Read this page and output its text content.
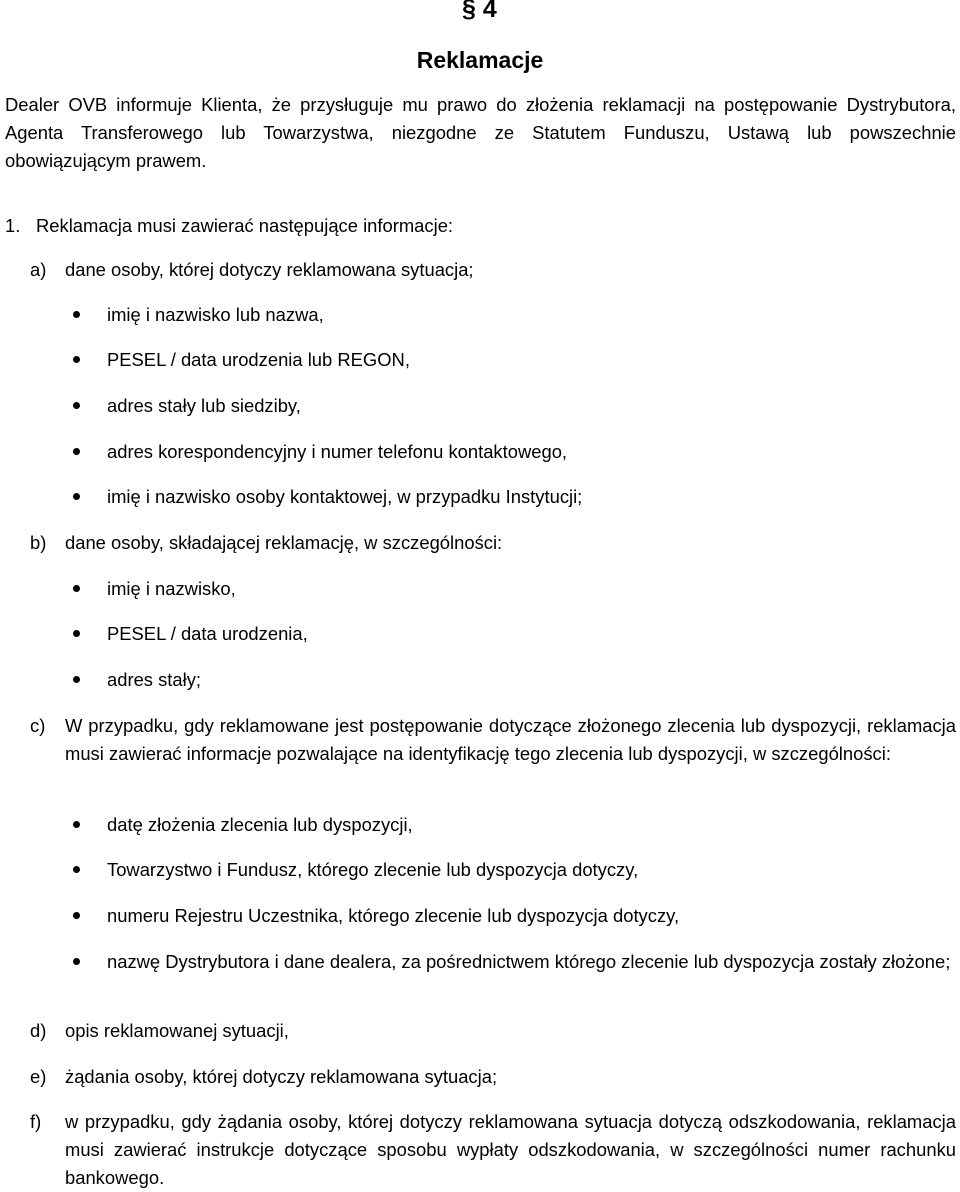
§ 4
Reklamacje
Dealer OVB informuje Klienta, że przysługuje mu prawo do złożenia reklamacji na postępowanie Dystrybutora, Agenta Transferowego lub Towarzystwa, niezgodne ze Statutem Funduszu, Ustawą lub powszechnie obowiązującym prawem.
1. Reklamacja musi zawierać następujące informacje:
a) dane osoby, której dotyczy reklamowana sytuacja;
imię i nazwisko lub nazwa,
PESEL / data urodzenia lub REGON,
adres stały lub siedziby,
adres korespondencyjny i numer telefonu kontaktowego,
imię i nazwisko osoby kontaktowej, w przypadku Instytucji;
b) dane osoby, składającej reklamację, w szczególności:
imię i nazwisko,
PESEL / data urodzenia,
adres stały;
c) W przypadku, gdy reklamowane jest postępowanie dotyczące złożonego zlecenia lub dyspozycji, reklamacja musi zawierać informacje pozwalające na identyfikację tego zlecenia lub dyspozycji, w szczególności:
datę złożenia zlecenia lub dyspozycji,
Towarzystwo i Fundusz, którego zlecenie lub dyspozycja dotyczy,
numeru Rejestru Uczestnika, którego zlecenie lub dyspozycja dotyczy,
nazwę Dystrybutora i dane dealera, za pośrednictwem którego zlecenie lub dyspozycja zostały złożone;
d) opis reklamowanej sytuacji,
e) żądania osoby, której dotyczy reklamowana sytuacja;
f) w przypadku, gdy żądania osoby, której dotyczy reklamowana sytuacja dotyczą odszkodowania, reklamacja musi zawierać instrukcje dotyczące sposobu wypłaty odszkodowania, w szczególności numer rachunku bankowego.
